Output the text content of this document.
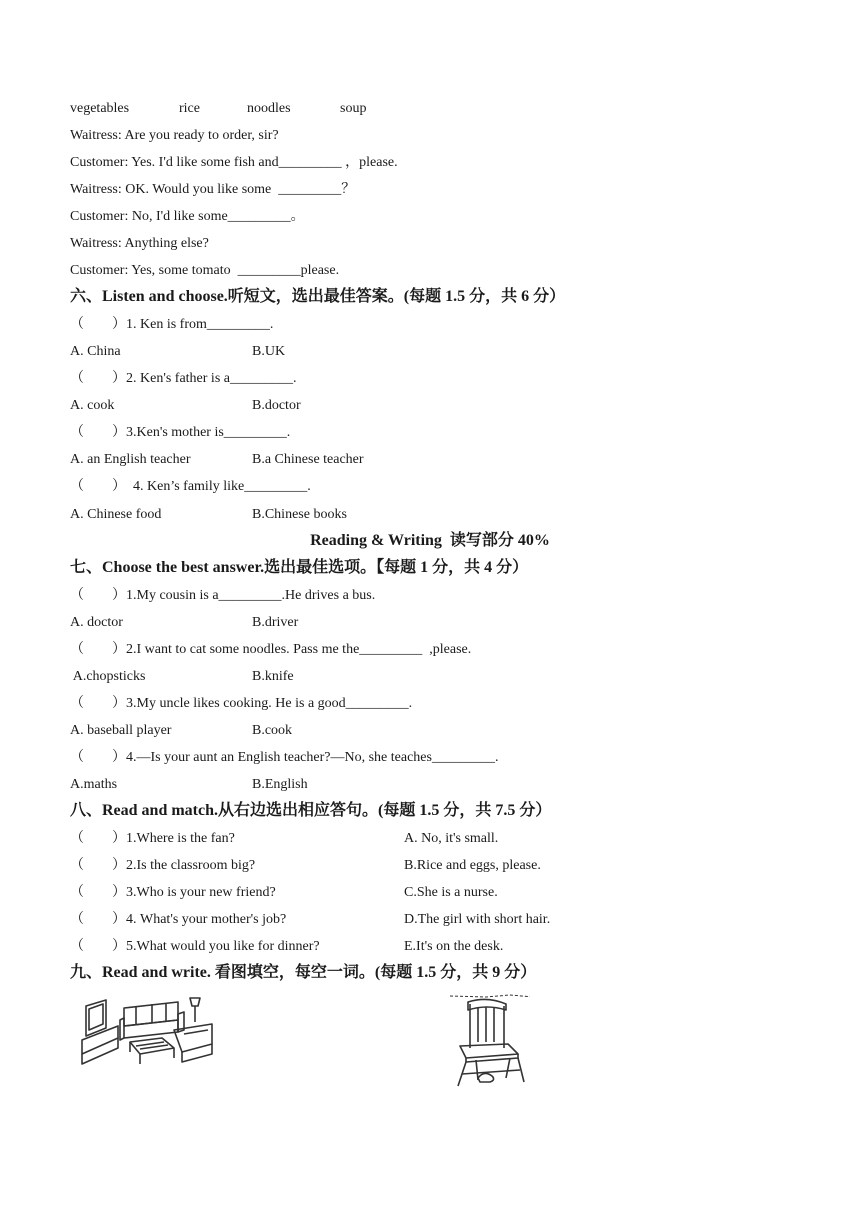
vegetables	rice	noodles	soup
Waitress: Are you ready to order, sir?
Customer: Yes. I'd like some fish and_________ ，please.
Waitress: OK. Would you like some  _________？
Customer: No, I'd like some_________。
Waitress: Anything else?
Customer: Yes, some tomato  _________please.
六、Listen and choose.听短文，选出最佳答案。(每题 1.5 分，共 6 分）
（        ）1. Ken is from_________.
A. China	B.UK
（        ）2. Ken's father is a_________.
A. cook	B.doctor
（        ）3.Ken's mother is_________.
A. an English teacher	B.a Chinese teacher
（        ）  4. Ken’s family like_________.
A. Chinese food	B.Chinese books
Reading & Writing  读写部分 40%
七、Choose the best answer.选出最佳选项。【每题 1 分，共 4 分）
（        ）1.My cousin is a_________.He drives a bus.
A. doctor	B.driver
（        ）2.I want to cat some noodles. Pass me the_________  ,please.
A.chopsticks	B.knife
（        ）3.My uncle likes cooking. He is a good_________.
A. baseball player	B.cook
（        ）4.—Is your aunt an English teacher?—No, she teaches_________.
A.maths	B.English
八、Read and match.从右边选出相应答句。(每题 1.5 分，共 7.5 分）
（        ）1.Where is the fan?	A. No, it's small.
（        ）2.Is the classroom big?	B.Rice and eggs, please.
（        ）3.Who is your new friend?	C.She is a nurse.
（        ）4. What's your mother's job?	D.The girl with short hair.
（        ）5.What would you like for dinner?	E.It's on the desk.
九、Read and write. 看图填空，每空一词。(每题 1.5 分，共 9 分）
